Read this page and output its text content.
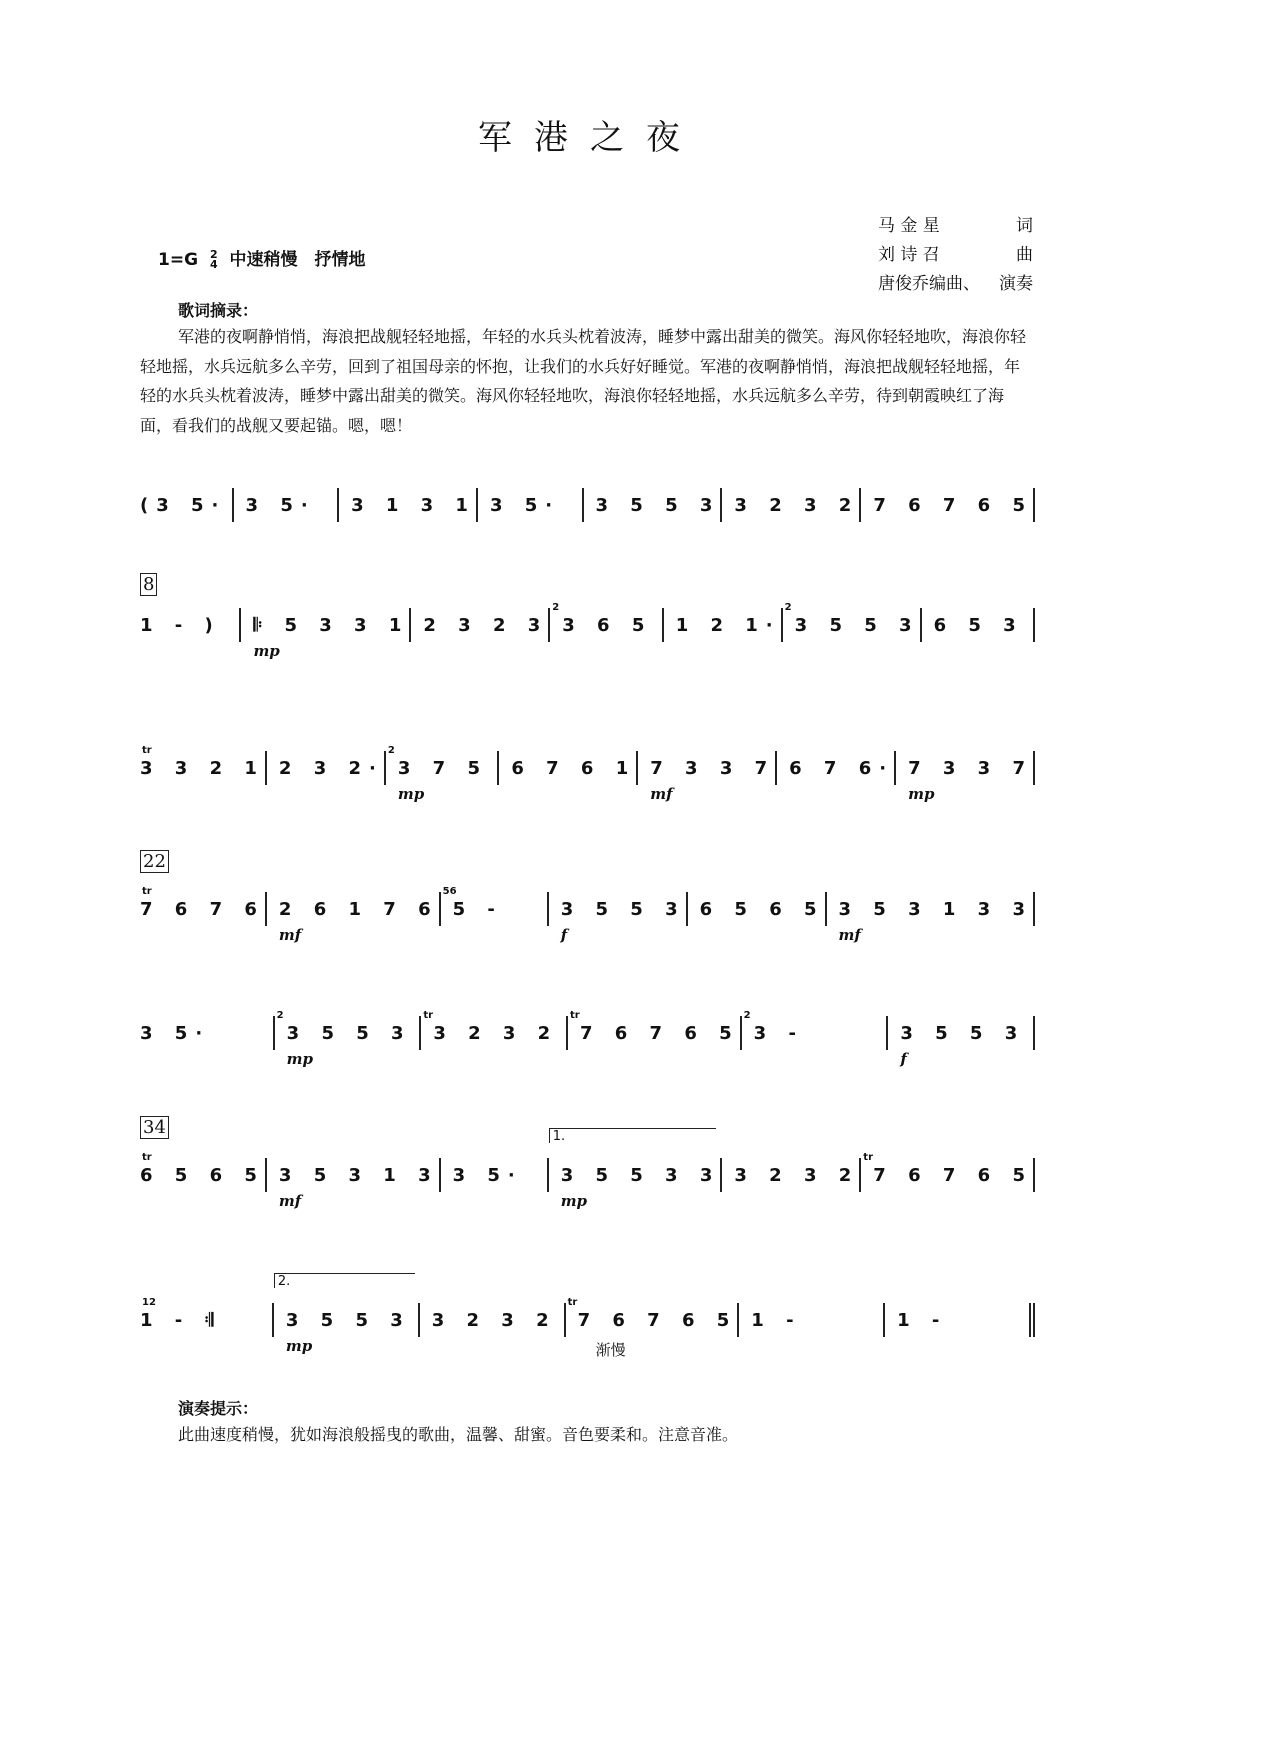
军港之夜
马 金 星	词
刘 诗 召	曲
唐俊乔编曲、 演奏
1=G 2
4 中速稍慢　抒情地
歌词摘录：
军港的夜啊静悄悄，海浪把战舰轻轻地摇，年轻的水兵头枕着波涛，睡梦中露出甜美的微笑。海风你轻轻地吹，海浪你轻轻地摇，水兵远航多么辛劳，回到了祖国母亲的怀抱，让我们的水兵好好睡觉。军港的夜啊静悄悄，海浪把战舰轻轻地摇，年轻的水兵头枕着波涛，睡梦中露出甜美的微笑。海风你轻轻地吹，海浪你轻轻地摇，水兵远航多么辛劳，待到朝霞映红了海面，看我们的战舰又要起锚。嗯，嗯！
8
22
34
(3 5· 3 5· 3 1 3 1 3 5· 3 5 5 3 3 2 3 2 7 6 7 6 5
1 - ) 𝄆 5 3 3 1
mp
2 3 2 3
2
3 6 5 1 2 1·
2
3 5 5 3 6 5 3
tr
3 3 2 1 2 3 2·
2
3 7 5
mp
6 7 6 1 7 3 3 7
mf
6 7 6· 7 3 3 7
mp
tr
7 6 7 6 2 6 1 7 6
mf
56
5 -	3 5 5 3
f
6 5 6 5 3 5 3 1 3 3
mf
3 5·
2
3 5 5 3
mp
tr
3 2 3 2
tr
7 6 7 6 5
2
3 -	3 5 5 3
f
tr
6 5 6 5 3 5 3 1 3
mf
3 5·
1.
3 5 5 3 3
mp
3 2 3 2
tr
7 6 7 6 5
12
1 - 𝄇
2.
3 5 5 3
mp
3 2 3 2
tr
7 6 7 6 5
渐慢
1 -	1 -
演奏提示：
此曲速度稍慢，犹如海浪般摇曳的歌曲，温馨、甜蜜。音色要柔和。注意音准。
